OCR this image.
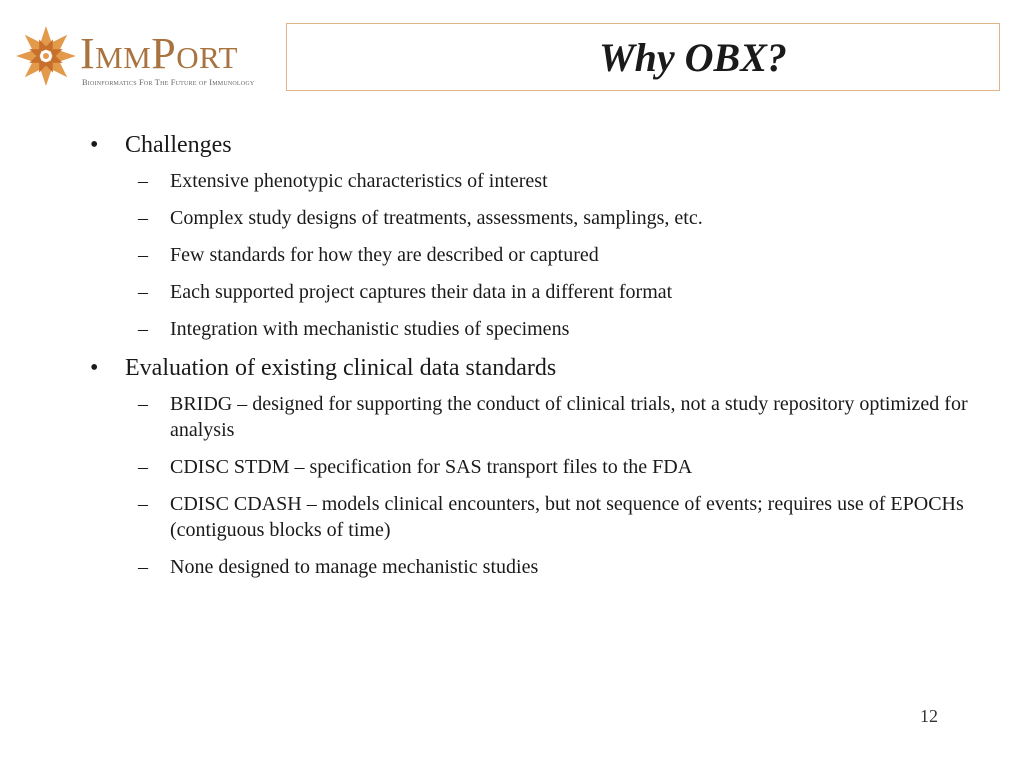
ImmPort
Bioinformatics For The Future of Immunology
Why OBX?
• Challenges
– Extensive phenotypic characteristics of interest
– Complex study designs of treatments, assessments, samplings, etc.
– Few standards for how they are described or captured
– Each supported project captures their data in a different format
– Integration with mechanistic studies of specimens
• Evaluation of existing clinical data standards
– BRIDG – designed for supporting the conduct of clinical trials, not a study repository optimized for analysis
– CDISC STDM – specification for SAS transport files to the FDA
– CDISC CDASH – models clinical encounters, but not sequence of events; requires use of EPOCHs (contiguous blocks of time)
– None designed to manage mechanistic studies
12
